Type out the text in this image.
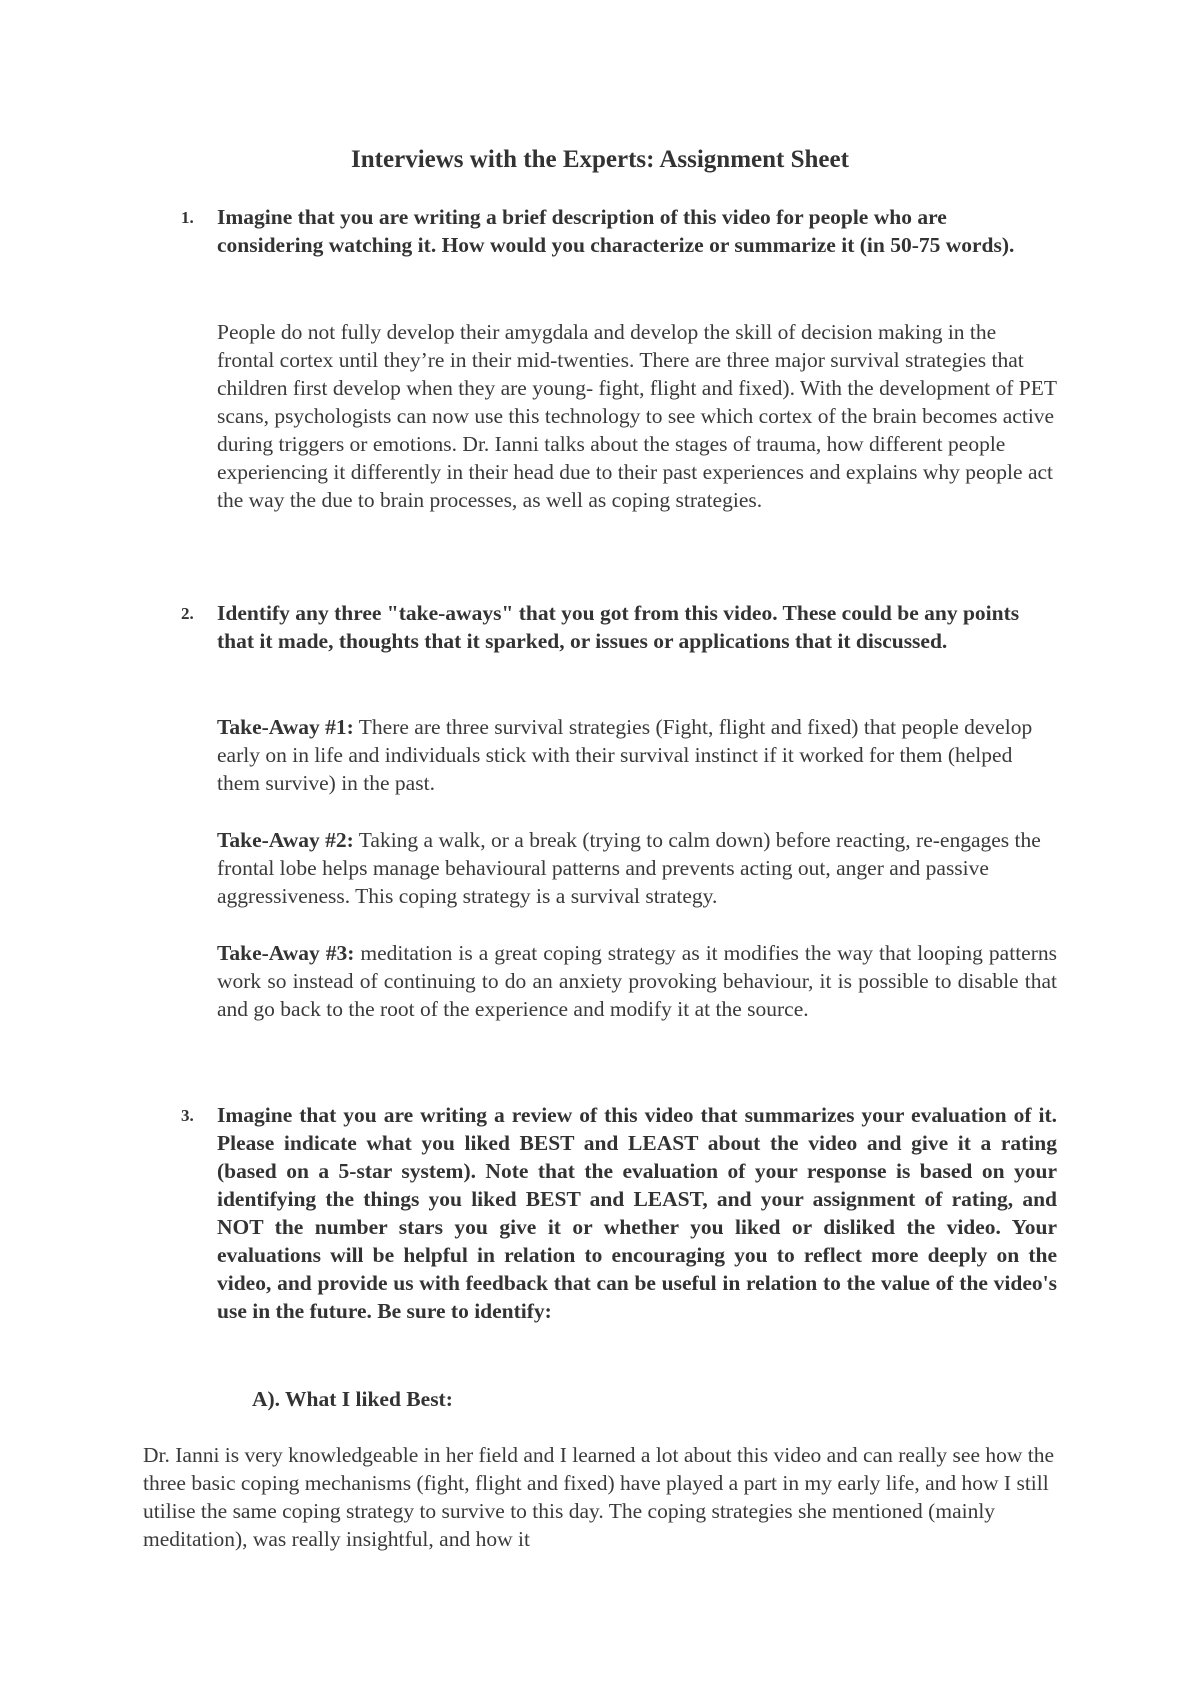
Interviews with the Experts: Assignment Sheet
1. Imagine that you are writing a brief description of this video for people who are considering watching it. How would you characterize or summarize it (in 50-75 words).
People do not fully develop their amygdala and develop the skill of decision making in the frontal cortex until they’re in their mid-twenties. There are three major survival strategies that children first develop when they are young- fight, flight and fixed). With the development of PET scans, psychologists can now use this technology to see which cortex of the brain becomes active during triggers or emotions. Dr. Ianni talks about the stages of trauma, how different people experiencing it differently in their head due to their past experiences and explains why people act the way the due to brain processes, as well as coping strategies.
2. Identify any three "take-aways" that you got from this video. These could be any points that it made, thoughts that it sparked, or issues or applications that it discussed.
Take-Away #1: There are three survival strategies (Fight, flight and fixed) that people develop early on in life and individuals stick with their survival instinct if it worked for them (helped them survive) in the past.
Take-Away #2: Taking a walk, or a break (trying to calm down) before reacting, re-engages the frontal lobe helps manage behavioural patterns and prevents acting out, anger and passive aggressiveness. This coping strategy is a survival strategy.
Take-Away #3: meditation is a great coping strategy as it modifies the way that looping patterns work so instead of continuing to do an anxiety provoking behaviour, it is possible to disable that and go back to the root of the experience and modify it at the source.
3. Imagine that you are writing a review of this video that summarizes your evaluation of it. Please indicate what you liked BEST and LEAST about the video and give it a rating (based on a 5-star system). Note that the evaluation of your response is based on your identifying the things you liked BEST and LEAST, and your assignment of rating, and NOT the number stars you give it or whether you liked or disliked the video. Your evaluations will be helpful in relation to encouraging you to reflect more deeply on the video, and provide us with feedback that can be useful in relation to the value of the video's use in the future. Be sure to identify:
A). What I liked Best:
Dr. Ianni is very knowledgeable in her field and I learned a lot about this video and can really see how the three basic coping mechanisms (fight, flight and fixed) have played a part in my early life, and how I still utilise the same coping strategy to survive to this day. The coping strategies she mentioned (mainly meditation), was really insightful, and how it
